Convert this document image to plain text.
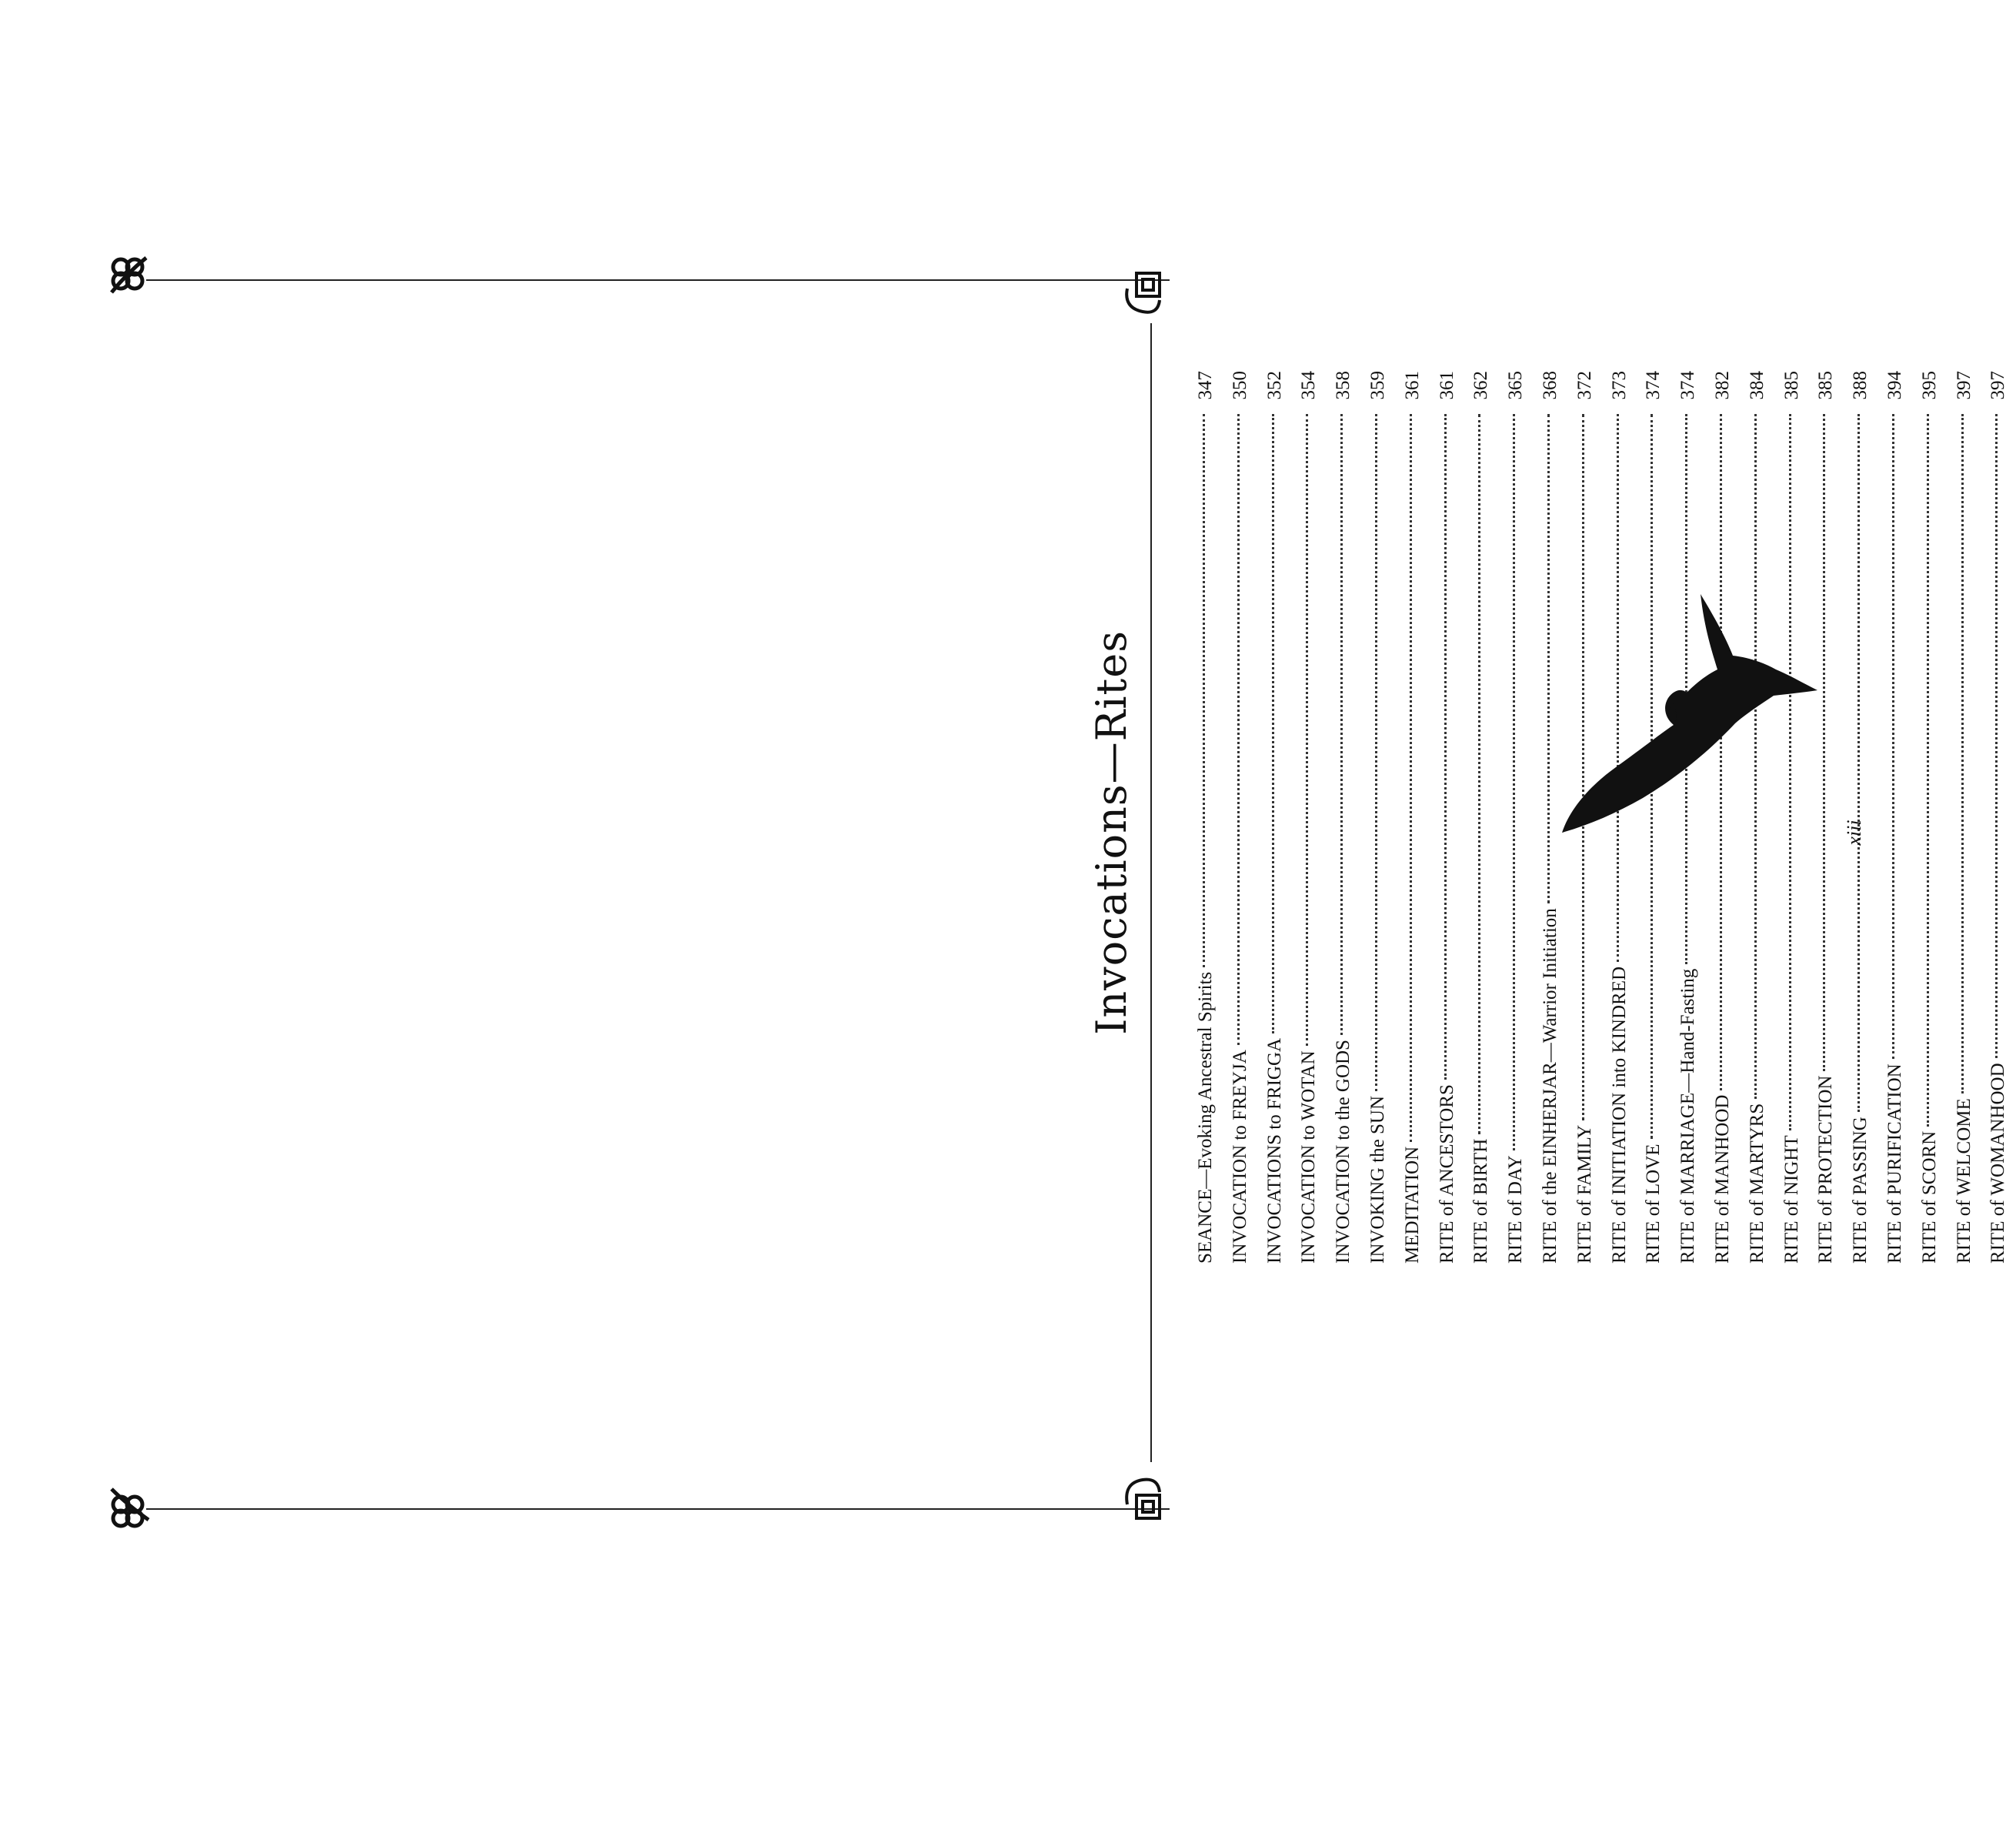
Invocations—Rites
SEANCE—Evoking Ancestral Spirits
347
INVOCATION to FREYJA
350
INVOCATIONS to FRIGGA
352
INVOCATION to WOTAN
354
INVOCATION to the GODS
358
INVOKING the SUN
359
MEDITATION
361
RITE of ANCESTORS
361
RITE of BIRTH
362
RITE of DAY
365
RITE of the EINHERJAR—Warrior Initiation
368
RITE of FAMILY
372
RITE of INITIATION into KINDRED
373
RITE of LOVE
374
RITE of MARRIAGE—Hand-Fasting
374
RITE of MANHOOD
382
RITE of MARTYRS
384
RITE of NIGHT
385
RITE of PROTECTION
385
RITE of PASSING
388
RITE of PURIFICATION
394
RITE of SCORN
395
RITE of WELCOME
397
RITE of WOMANHOOD
397
xiii
